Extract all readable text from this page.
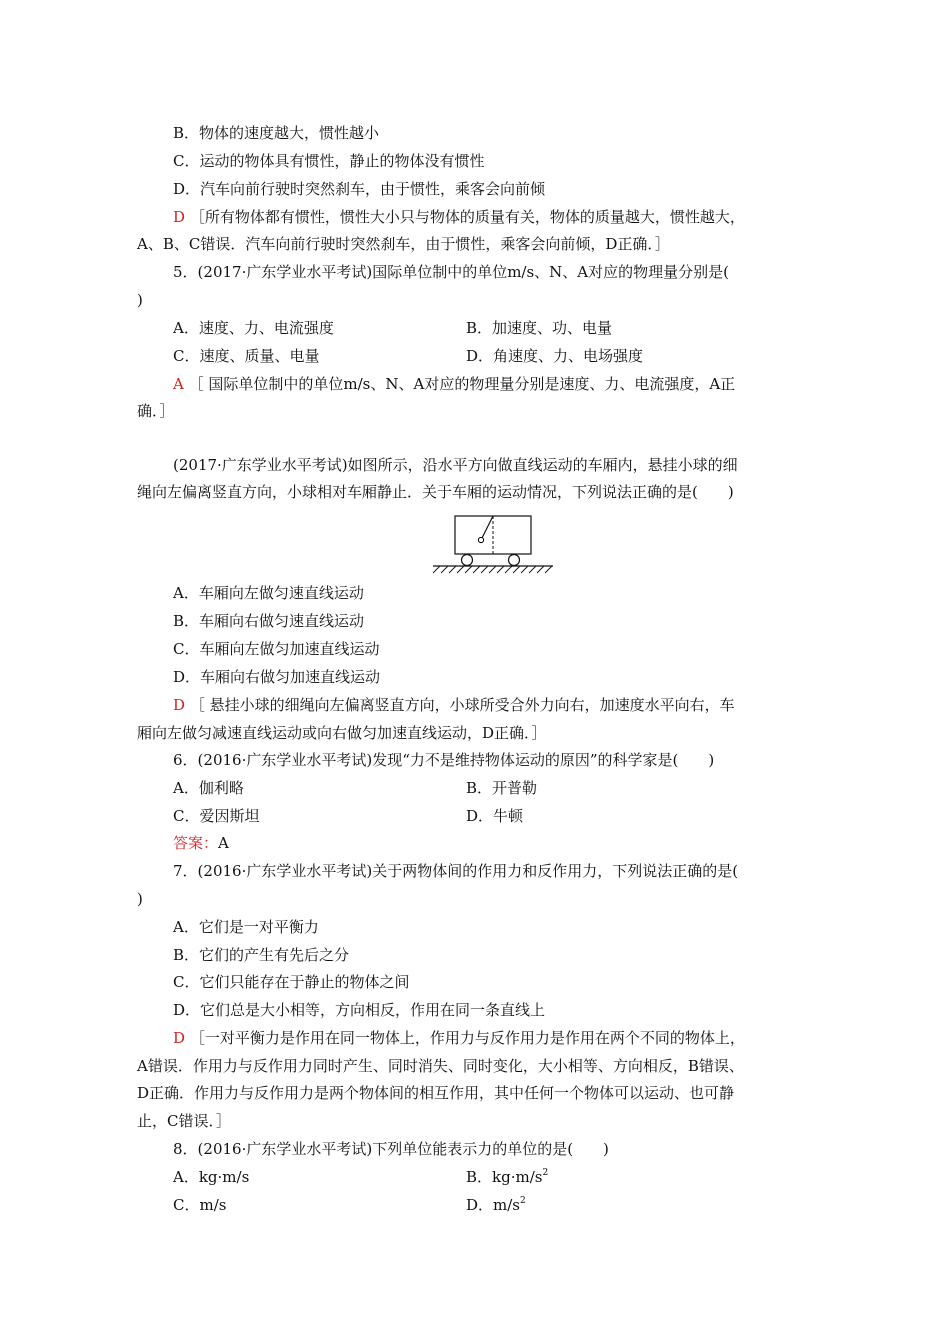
B．物体的速度越大，惯性越小
C．运动的物体具有惯性，静止的物体没有惯性
D．汽车向前行驶时突然刹车，由于惯性，乘客会向前倾
D ［所有物体都有惯性，惯性大小只与物体的质量有关，物体的质量越大，惯性越大，
A、B、C错误．汽车向前行驶时突然刹车，由于惯性，乘客会向前倾，D正确．］
5．(2017·广东学业水平考试)国际单位制中的单位m/s、N、A对应的物理量分别是(
)
A．速度、力、电流强度	B．加速度、功、电量
C．速度、质量、电量	D．角速度、力、电场强度
A ［ 国际单位制中的单位m/s、N、A对应的物理量分别是速度、力、电流强度，A正
确．］
(2017·广东学业水平考试)如图所示，沿水平方向做直线运动的车厢内，悬挂小球的细
绳向左偏离竖直方向，小球相对车厢静止．关于车厢的运动情况，下列说法正确的是(　　)
A．车厢向左做匀速直线运动
B．车厢向右做匀速直线运动
C．车厢向左做匀加速直线运动
D．车厢向右做匀加速直线运动
D ［ 悬挂小球的细绳向左偏离竖直方向，小球所受合外力向右，加速度水平向右，车
厢向左做匀减速直线运动或向右做匀加速直线运动，D正确．］
6．(2016·广东学业水平考试)发现“力不是维持物体运动的原因”的科学家是(　　)
A．伽利略	B．开普勒
C．爱因斯坦	D．牛顿
答案：A
7．(2016·广东学业水平考试)关于两物体间的作用力和反作用力，下列说法正确的是(
)
A．它们是一对平衡力
B．它们的产生有先后之分
C．它们只能存在于静止的物体之间
D．它们总是大小相等，方向相反，作用在同一条直线上
D ［一对平衡力是作用在同一物体上，作用力与反作用力是作用在两个不同的物体上，
A错误．作用力与反作用力同时产生、同时消失、同时变化，大小相等、方向相反，B错误、
D正确．作用力与反作用力是两个物体间的相互作用，其中任何一个物体可以运动、也可静
止，C错误．］
8．(2016·广东学业水平考试)下列单位能表示力的单位的是(　　)
A．kg·m/s	B．$kg\cdot m/s^2$
C．m/s	D．$m/s^2$
